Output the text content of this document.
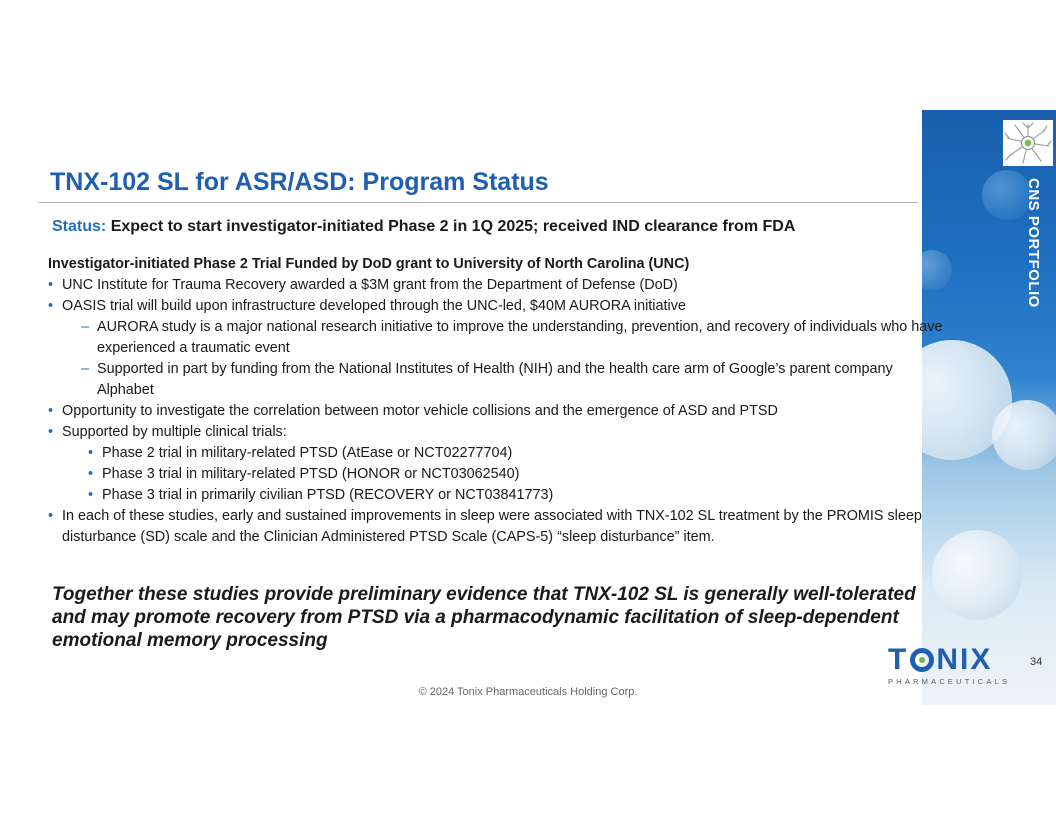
CNS PORTFOLIO
TNX-102 SL for ASR/ASD: Program Status
Status: Expect to start investigator-initiated Phase 2 in 1Q 2025; received IND clearance from FDA
Investigator-initiated Phase 2 Trial Funded by DoD grant to University of North Carolina (UNC)
• UNC Institute for Trauma Recovery awarded a $3M grant from the Department of Defense (DoD)
• OASIS trial will build upon infrastructure developed through the UNC-led, $40M AURORA initiative
– AURORA study is a major national research initiative to improve the understanding, prevention, and recovery of individuals who have experienced a traumatic event
– Supported in part by funding from the National Institutes of Health (NIH) and the health care arm of Google’s parent company Alphabet
• Opportunity to investigate the correlation between motor vehicle collisions and the emergence of ASD and PTSD
• Supported by multiple clinical trials:
• Phase 2 trial in military-related PTSD (AtEase or NCT02277704)
• Phase 3 trial in military-related PTSD (HONOR or NCT03062540)
• Phase 3 trial in primarily civilian PTSD (RECOVERY or NCT03841773)
• In each of these studies, early and sustained improvements in sleep were associated with TNX-102 SL treatment by the PROMIS sleep disturbance (SD) scale and the Clinician Administered PTSD Scale (CAPS-5) “sleep disturbance” item.
Together these studies provide preliminary evidence that TNX-102 SL is generally well-tolerated and may promote recovery from PTSD via a pharmacodynamic facilitation of sleep-dependent emotional memory processing
T NIX
PHARMACEUTICALS
34
© 2024 Tonix Pharmaceuticals Holding Corp.
